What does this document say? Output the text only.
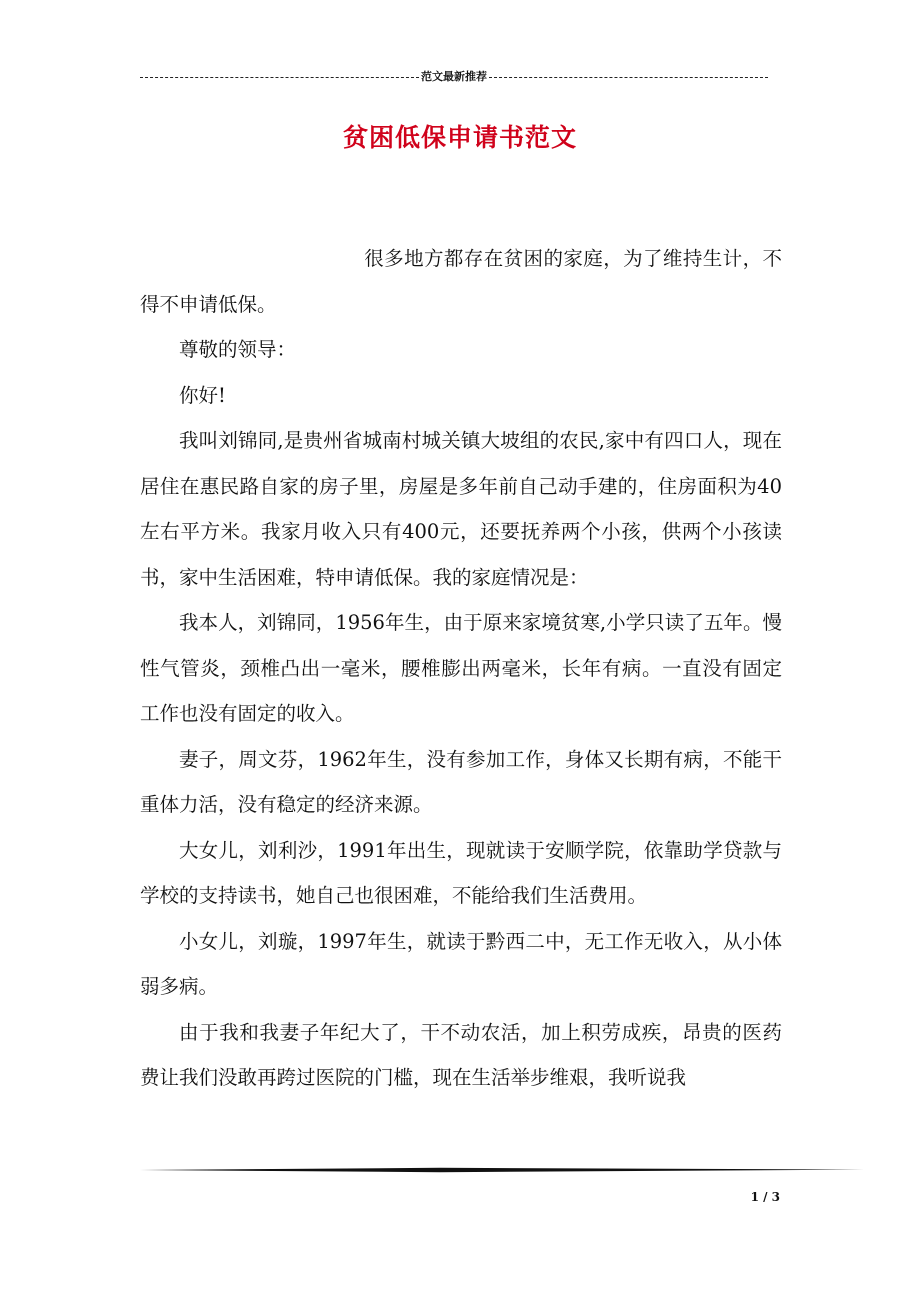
范文最新推荐
贫困低保申请书范文

很多地方都存在贫困的家庭，为了维持生计，不得不申请低保。

尊敬的领导：

你好!

我叫刘锦同,是贵州省城南村城关镇大坡组的农民,家中有四口人，现在居住在惠民路自家的房子里，房屋是多年前自己动手建的，住房面积为40左右平方米。我家月收入只有400元，还要抚养两个小孩，供两个小孩读书，家中生活困难，特申请低保。我的家庭情况是：

我本人，刘锦同，1956年生，由于原来家境贫寒,小学只读了五年。慢性气管炎，颈椎凸出一毫米，腰椎膨出两毫米，长年有病。一直没有固定工作也没有固定的收入。

妻子，周文芬，1962年生，没有参加工作，身体又长期有病，不能干重体力活，没有稳定的经济来源。

大女儿，刘利沙，1991年出生，现就读于安顺学院，依靠助学贷款与学校的支持读书，她自己也很困难，不能给我们生活费用。

小女儿，刘璇，1997年生，就读于黔西二中，无工作无收入，从小体弱多病。

由于我和我妻子年纪大了，干不动农活，加上积劳成疾，昂贵的医药费让我们没敢再跨过医院的门槛，现在生活举步维艰，我听说我

1 / 3
